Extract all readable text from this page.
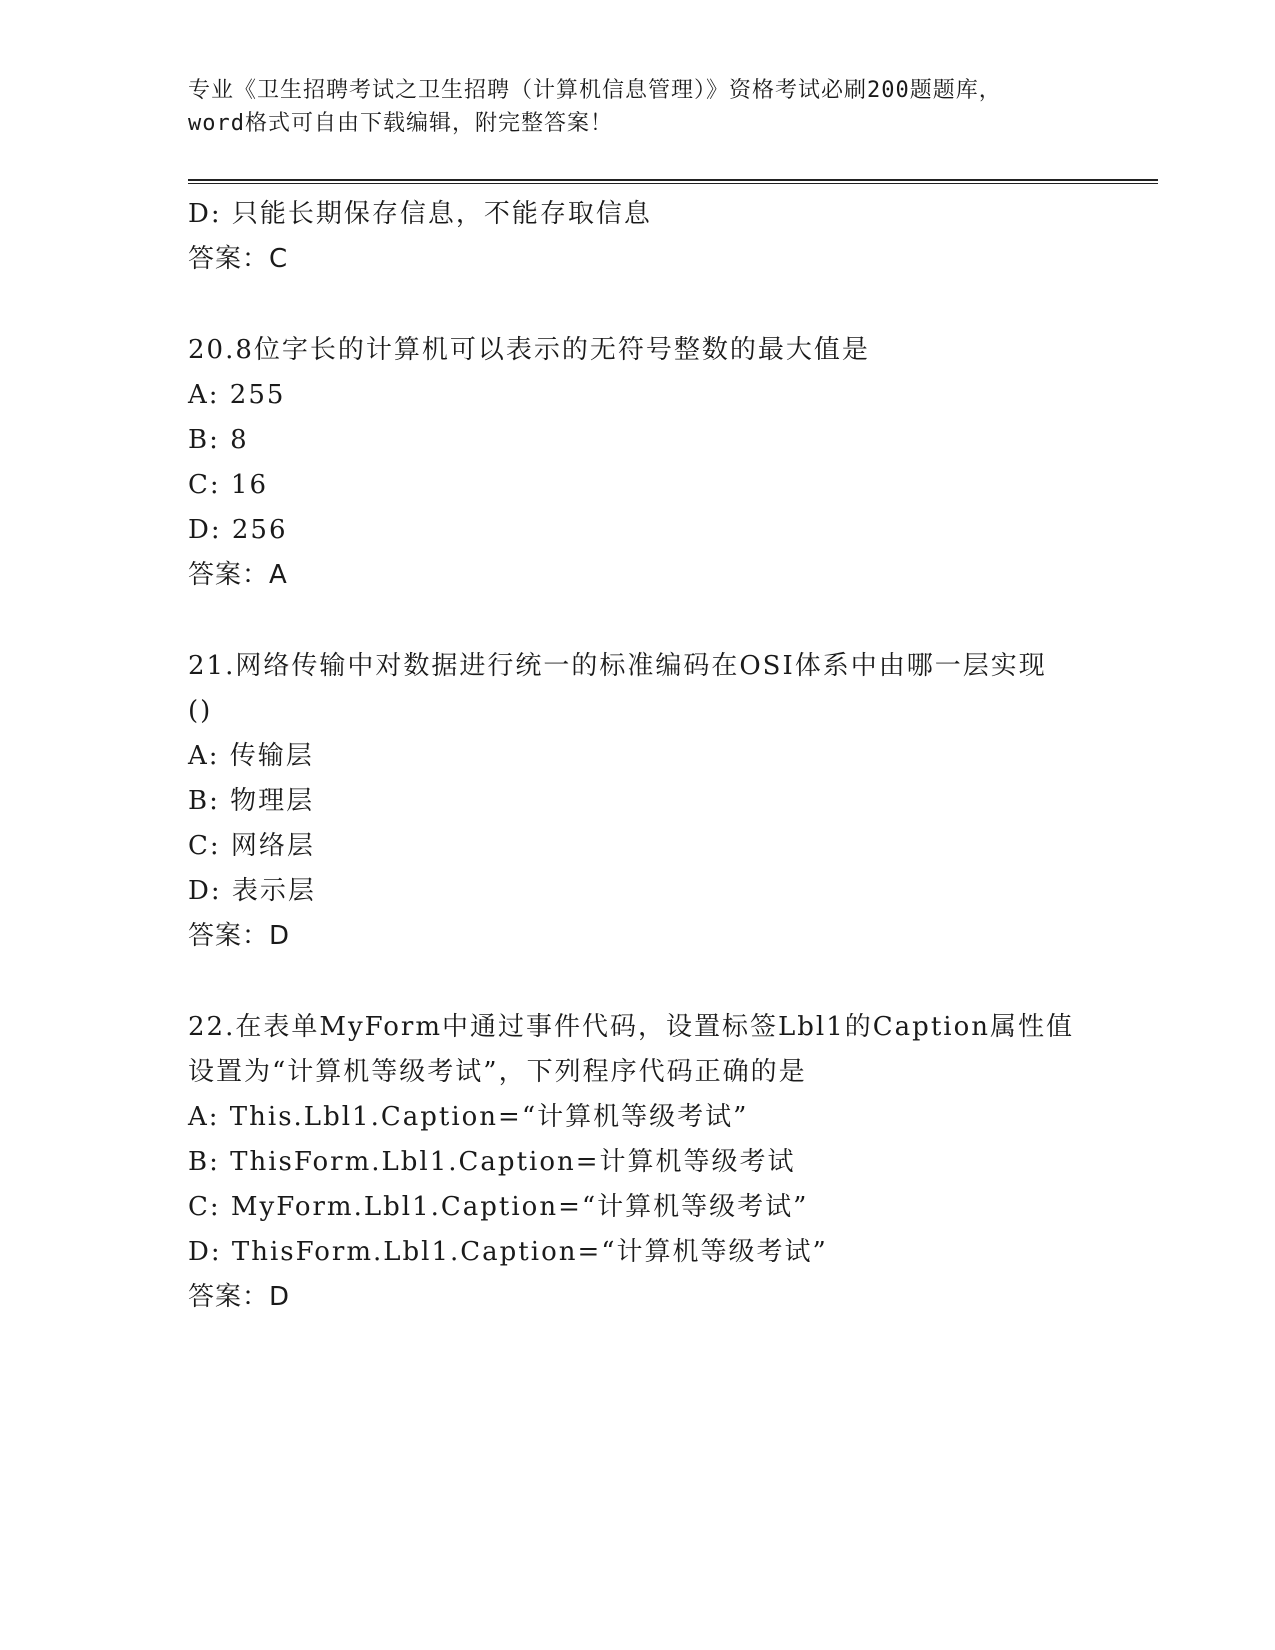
专业《卫生招聘考试之卫生招聘（计算机信息管理）》资格考试必刷200题题库，
word格式可自由下载编辑，附完整答案！
D: 只能长期保存信息，不能存取信息
答案：C
20.8位字长的计算机可以表示的无符号整数的最大值是
A: 255
B: 8
C: 16
D: 256
答案：A
21.网络传输中对数据进行统一的标准编码在OSI体系中由哪一层实现
()
A: 传输层
B: 物理层
C: 网络层
D: 表示层
答案：D
22.在表单MyForm中通过事件代码，设置标签Lbl1的Caption属性值
设置为“计算机等级考试”，下列程序代码正确的是
A: This.Lbl1.Caption=“计算机等级考试”
B: ThisForm.Lbl1.Caption=计算机等级考试
C: MyForm.Lbl1.Caption=“计算机等级考试”
D: ThisForm.Lbl1.Caption=“计算机等级考试”
答案：D
